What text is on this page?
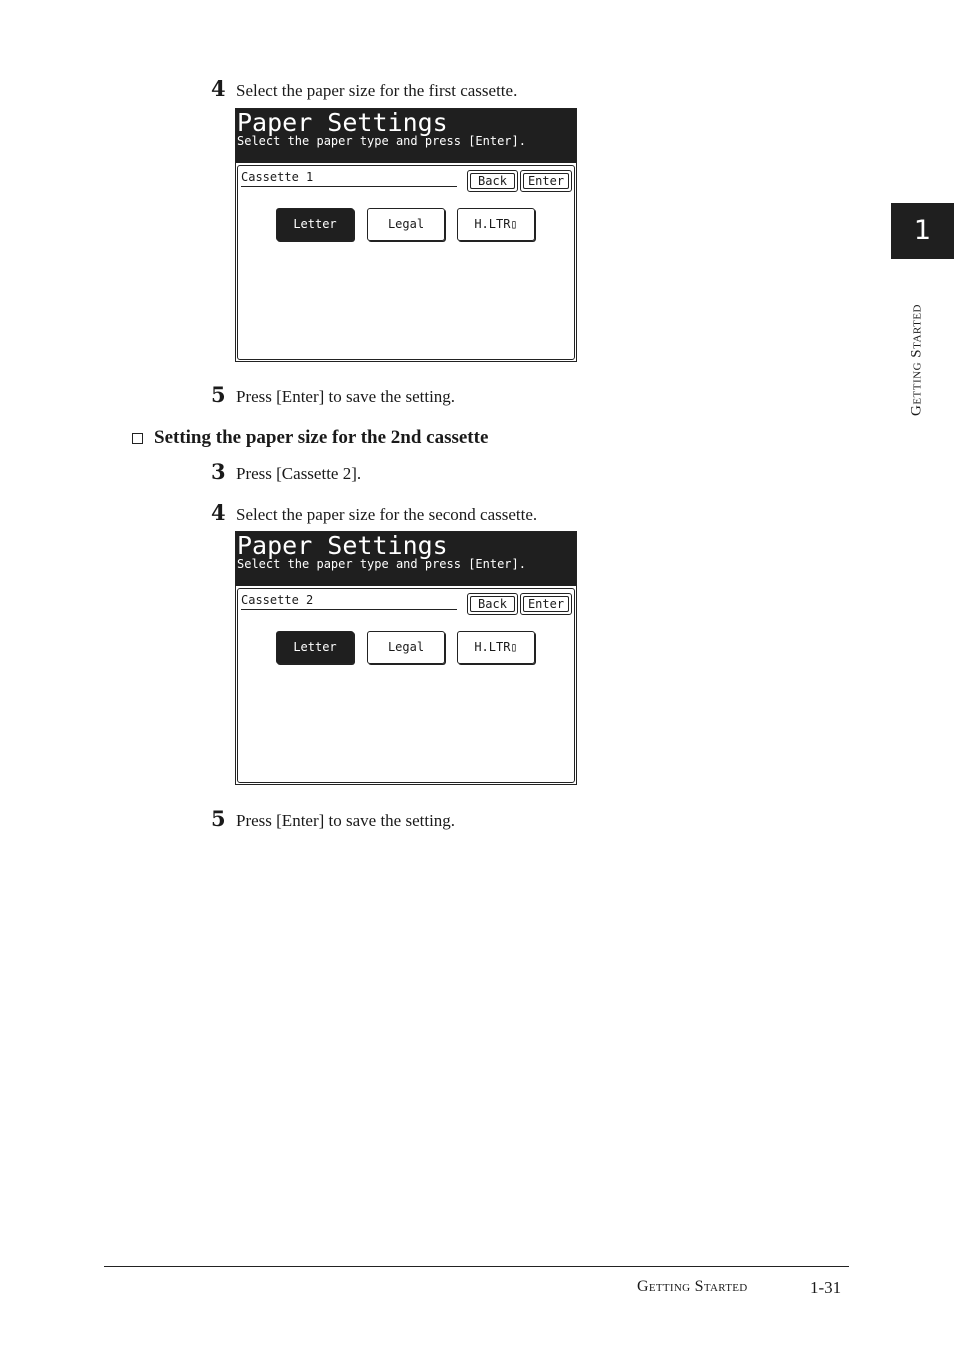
4 Select the paper size for the first cassette.
Paper Settings
Select the paper type and press [Enter].
Cassette 1	Back	Enter
Letter	Legal	H.LTR▯
5 Press [Enter] to save the setting.
Setting the paper size for the 2nd cassette
3 Press [Cassette 2].
4 Select the paper size for the second cassette.
Paper Settings
Select the paper type and press [Enter].
Cassette 2	Back	Enter
Letter	Legal	H.LTR▯
5 Press [Enter] to save the setting.
1
Getting Started
Getting Started	1-31
